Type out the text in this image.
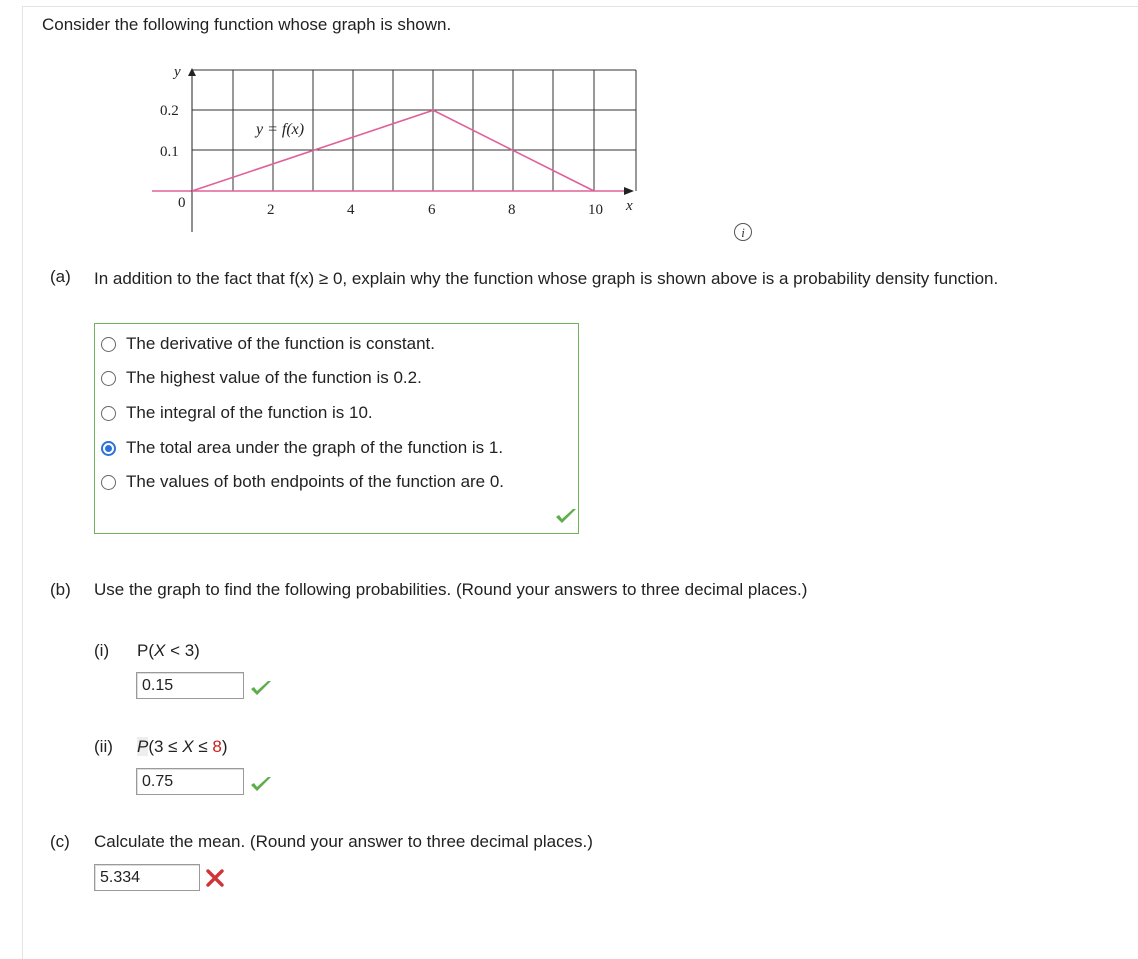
Consider the following function whose graph is shown.
y
0.2
0.1
0	2	4	6	8	10 x
y = f(x)
i
(a) In addition to the fact that f(x) ≥ 0, explain why the function whose graph is shown above is a probability density function.
The derivative of the function is constant.
The highest value of the function is 0.2.
The integral of the function is 10.
The total area under the graph of the function is 1.
The values of both endpoints of the function are 0.
(b) Use the graph to find the following probabilities. (Round your answers to three decimal places.)
(i) P(X < 3)
0.15
(ii) P(3 ≤ X ≤ 8)
0.75
(c) Calculate the mean. (Round your answer to three decimal places.)
5.334
